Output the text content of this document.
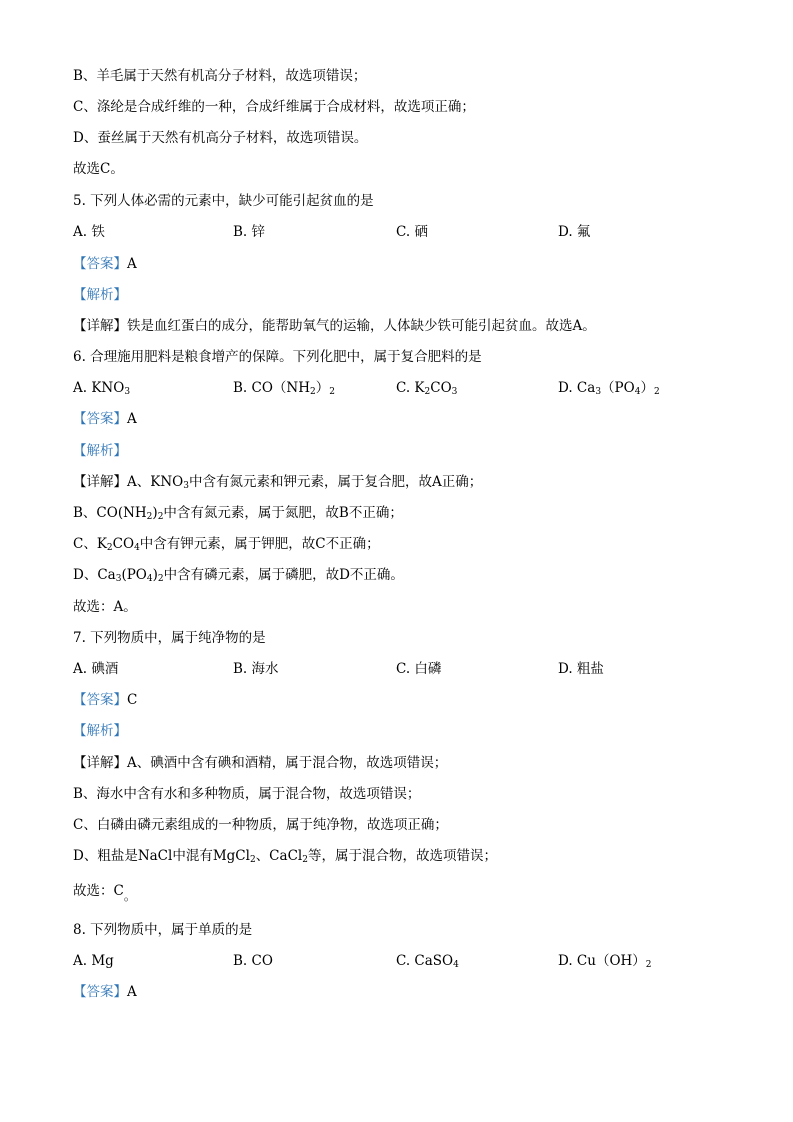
B、羊毛属于天然有机高分子材料，故选项错误；
C、涤纶是合成纤维的一种，合成纤维属于合成材料，故选项正确；
D、蚕丝属于天然有机高分子材料，故选项错误。
故选C。
5. 下列人体必需的元素中，缺少可能引起贫血的是
A. 铁	B. 锌	C. 硒	D. 氟
【答案】A
【解析】
【详解】铁是血红蛋白的成分，能帮助氧气的运输，人体缺少铁可能引起贫血。故选A。
6. 合理施用肥料是粮食增产的保障。下列化肥中，属于复合肥料的是
A. $KNO_3$	B. $CO(NH_2)_2$	C. $K_2CO_3$	D. $Ca_3(PO_4)_2$
【答案】A
【解析】
【详解】A、$KNO_3$中含有氮元素和钾元素，属于复合肥，故A正确；
B、$CO(NH_2)_2$中含有氮元素，属于氮肥，故B不正确；
C、$K_2CO_4$中含有钾元素，属于钾肥，故C不正确；
D、$Ca_3(PO_4)_2$中含有磷元素，属于磷肥，故D不正确。
故选：A。
7. 下列物质中，属于纯净物的是
A. 碘酒	B. 海水	C. 白磷	D. 粗盐
【答案】C
【解析】
【详解】A、碘酒中含有碘和酒精，属于混合物，故选项错误；
B、海水中含有水和多种物质，属于混合物，故选项错误；
C、白磷由磷元素组成的一种物质，属于纯净物，故选项正确；
D、粗盐是NaCl中混有MgCl$_2$、CaCl$_2$等，属于混合物，故选项错误；
故选：C。
8. 下列物质中，属于单质的是
A. Mg	B. CO	C. CaSO$_4$	D. $Cu(OH)_2$
【答案】A
